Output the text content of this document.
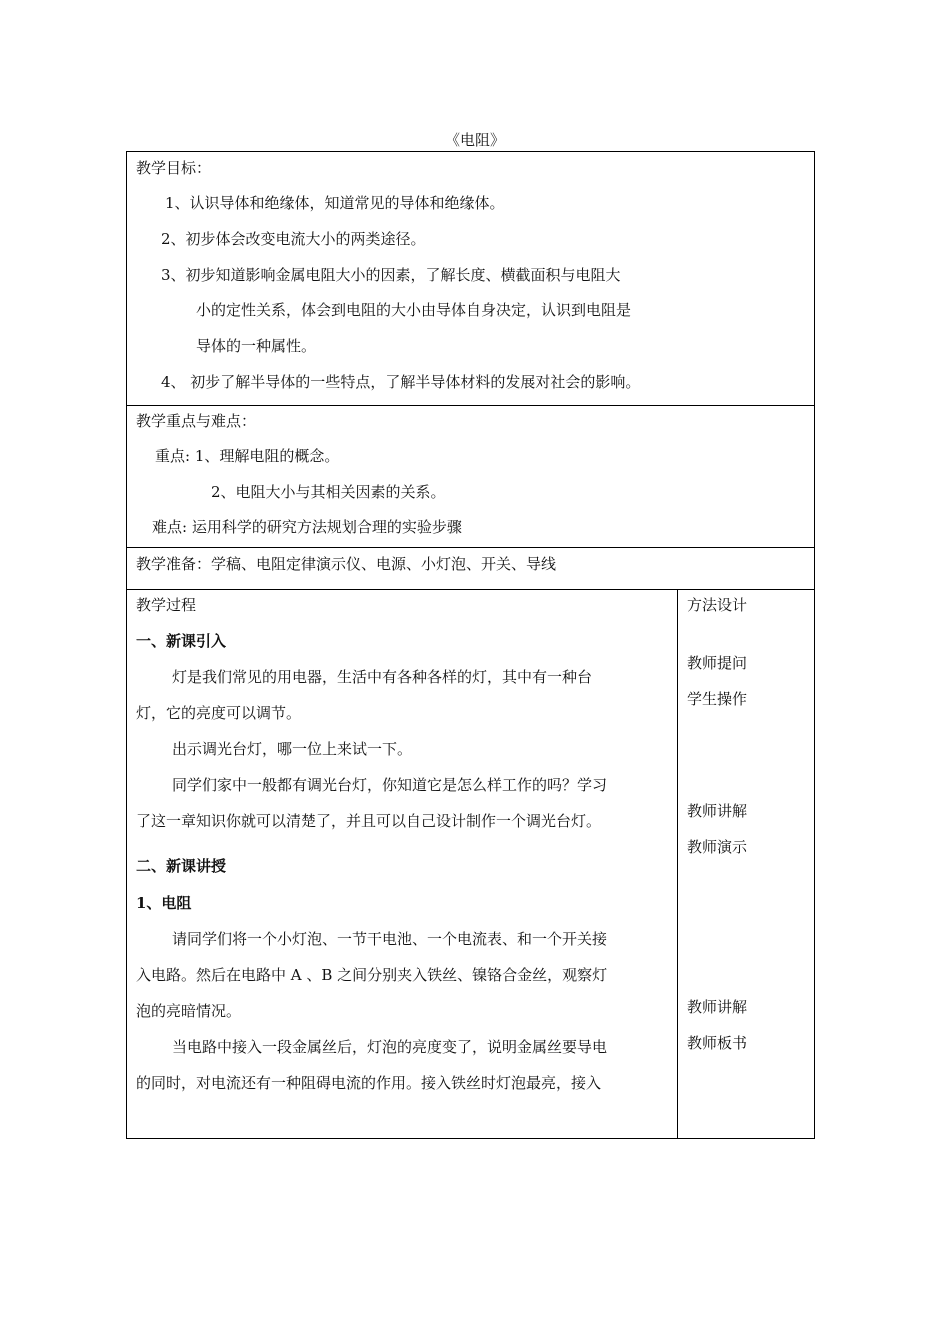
《电阻》
教学目标：
1、认识导体和绝缘体，知道常见的导体和绝缘体。
2、初步体会改变电流大小的两类途径。
3、初步知道影响金属电阻大小的因素，了解长度、横截面积与电阻大
小的定性关系，体会到电阻的大小由导体自身决定，认识到电阻是
导体的一种属性。
4、 初步了解半导体的一些特点，了解半导体材料的发展对社会的影响。
教学重点与难点：
重点: 1、理解电阻的概念。
2、电阻大小与其相关因素的关系。
难点: 运用科学的研究方法规划合理的实验步骤
教学准备：学稿、电阻定律演示仪、电源、小灯泡、开关、导线
教学过程	方法设计
一、新课引入
灯是我们常见的用电器，生活中有各种各样的灯，其中有一种台
灯，它的亮度可以调节。
出示调光台灯，哪一位上来试一下。
同学们家中一般都有调光台灯，你知道它是怎么样工作的吗？学习
了这一章知识你就可以清楚了，并且可以自己设计制作一个调光台灯。
二、新课讲授
1、电阻
请同学们将一个小灯泡、一节干电池、一个电流表、和一个开关接
入电路。然后在电路中 A 、B 之间分别夹入铁丝、镍铬合金丝，观察灯
泡的亮暗情况。
当电路中接入一段金属丝后，灯泡的亮度变了，说明金属丝要导电
的同时，对电流还有一种阻碍电流的作用。接入铁丝时灯泡最亮，接入
教师提问
学生操作
教师讲解
教师演示
教师讲解
教师板书
